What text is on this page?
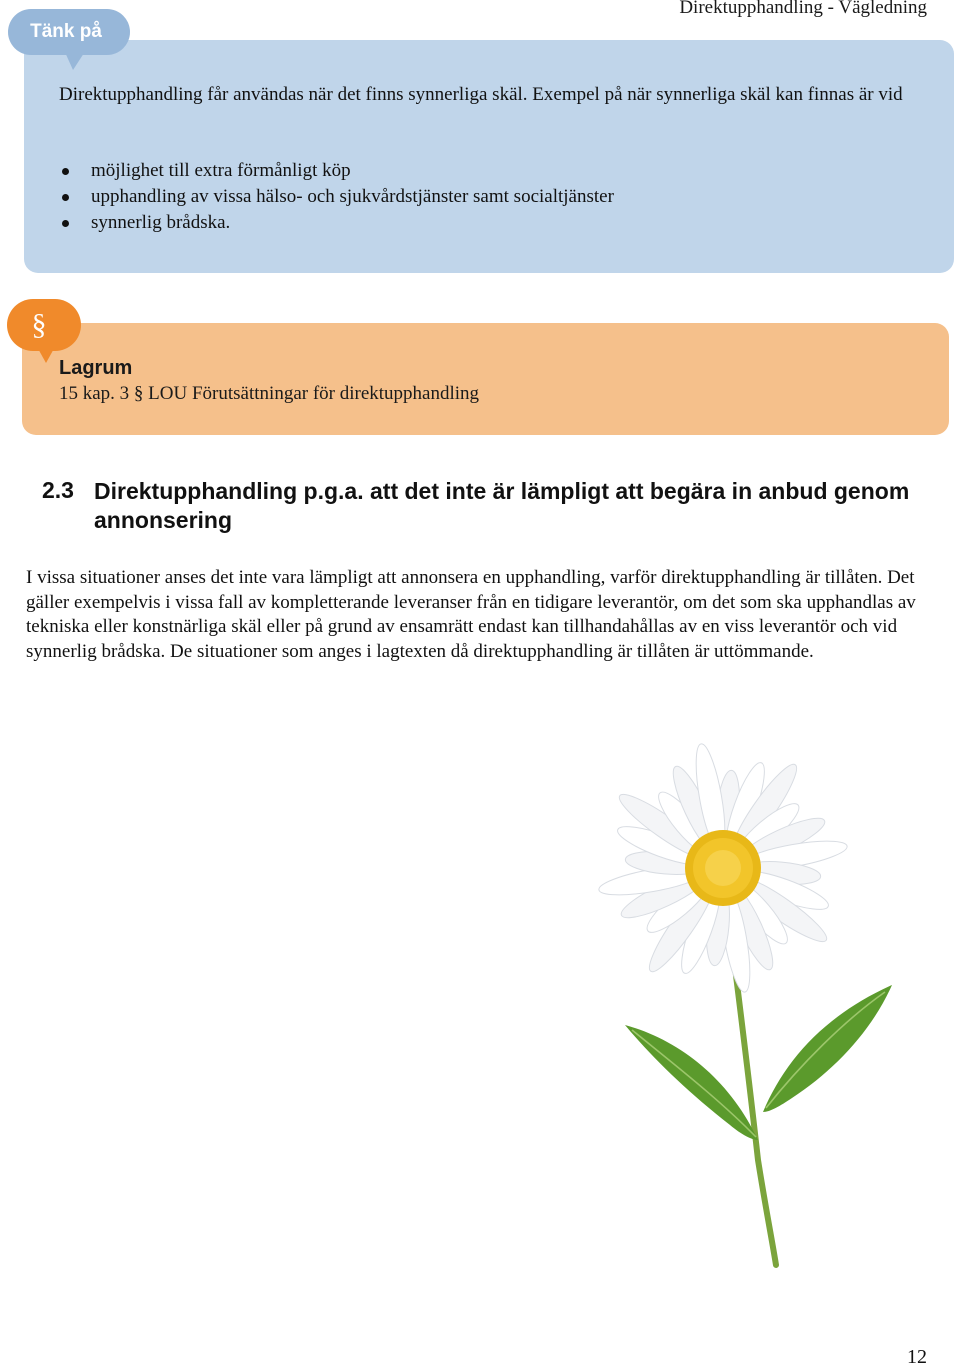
Direktupphandling - Vägledning
Tänk på

Direktupphandling får användas när det finns synnerliga skäl. Exempel på när synnerliga skäl kan finnas är vid

möjlighet till extra förmånligt köp
upphandling av vissa hälso- och sjukvårdstjänster samt socialtjänster
synnerlig brådska.
§
Lagrum
15 kap. 3 § LOU Förutsättningar för direktupphandling
2.3 Direktupphandling p.g.a. att det inte är lämpligt att begära in anbud genom annonsering

I vissa situationer anses det inte vara lämpligt att annonsera en upphandling, varför direktupphandling är tillåten. Det gäller exempelvis i vissa fall av kompletterande leveranser från en tidigare leverantör, om det som ska upphandlas av tekniska eller konstnärliga skäl eller på grund av ensamrätt endast kan tillhandahållas av en viss leverantör och vid synnerlig brådska. De situationer som anges i lagtexten då direktupphandling är tillåten är uttömmande.

12
